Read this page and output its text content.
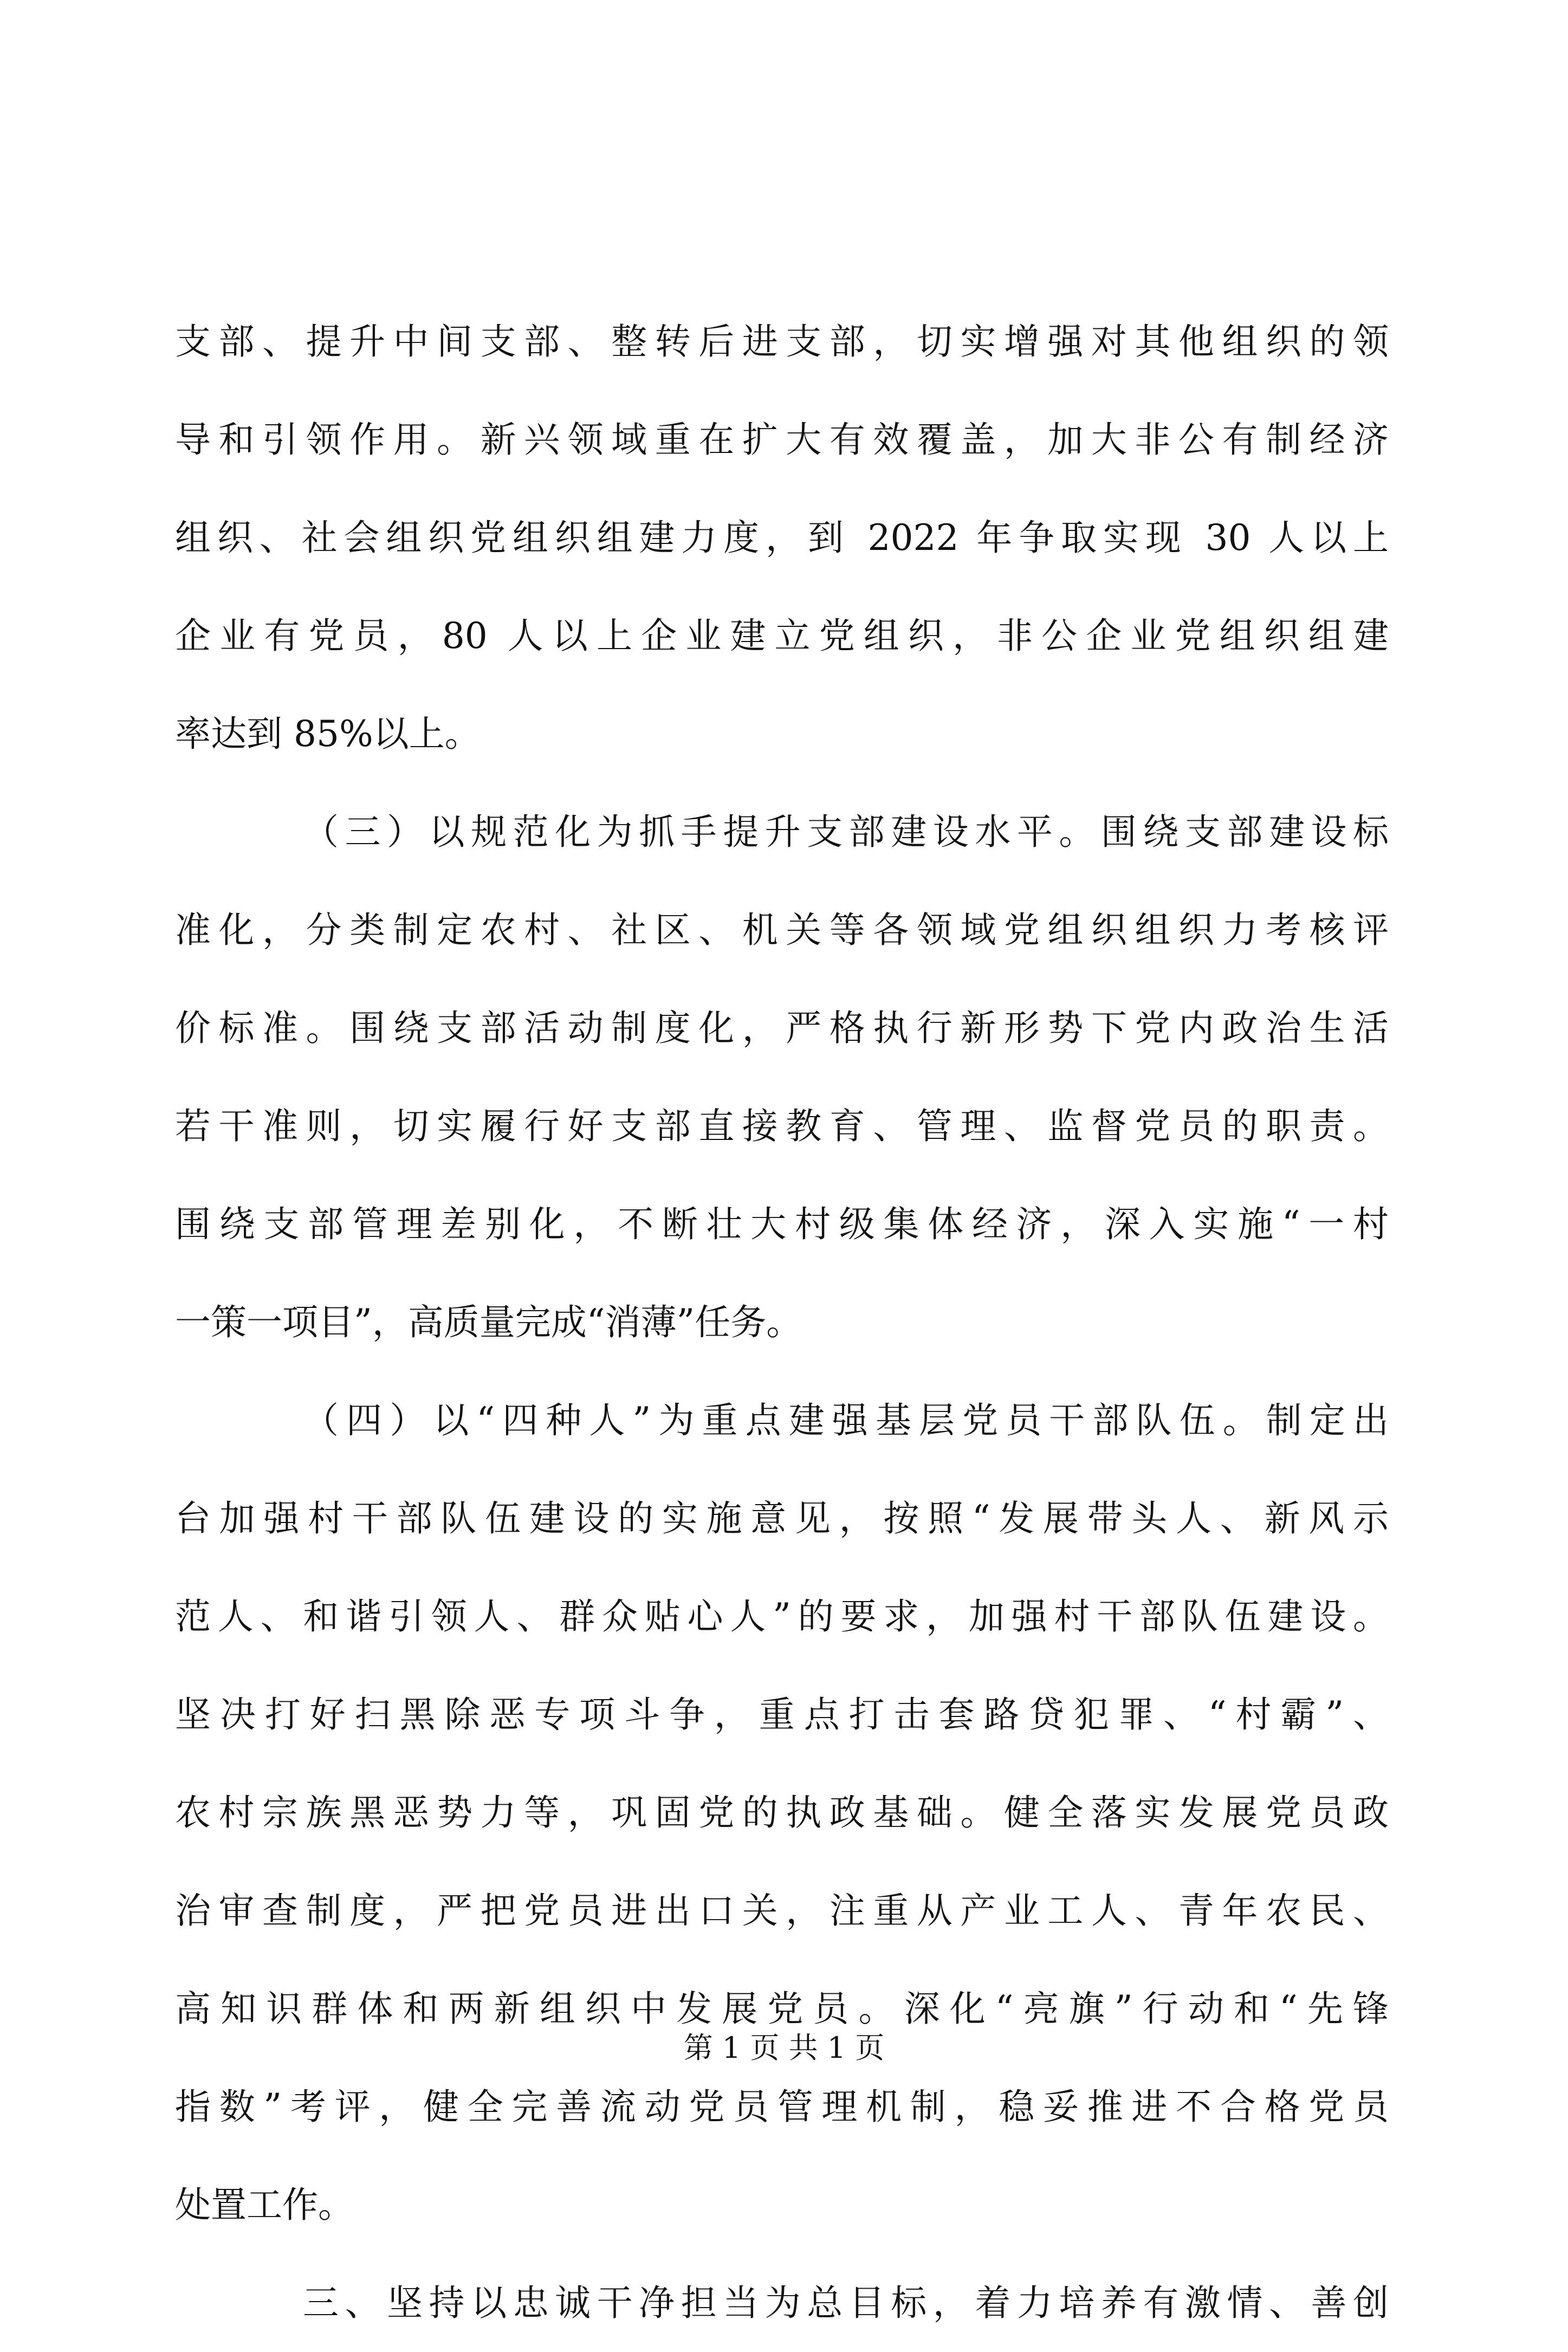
支部、提升中间支部、整转后进支部，切实增强对其他组织的领
导和引领作用。新兴领域重在扩大有效覆盖，加大非公有制经济
组织、社会组织党组织组建力度，到 2022 年争取实现 30 人以上
企业有党员，80 人以上企业建立党组织，非公企业党组织组建
率达到 85%以上。
（三）以规范化为抓手提升支部建设水平。围绕支部建设标
准化，分类制定农村、社区、机关等各领域党组织组织力考核评
价标准。围绕支部活动制度化，严格执行新形势下党内政治生活
若干准则，切实履行好支部直接教育、管理、监督党员的职责。
围绕支部管理差别化，不断壮大村级集体经济，深入实施“一村
一策一项目”，高质量完成“消薄”任务。
（四）以“四种人”为重点建强基层党员干部队伍。制定出
台加强村干部队伍建设的实施意见，按照“发展带头人、新风示
范人、和谐引领人、群众贴心人”的要求，加强村干部队伍建设。
坚决打好扫黑除恶专项斗争，重点打击套路贷犯罪、“村霸”、
农村宗族黑恶势力等，巩固党的执政基础。健全落实发展党员政
治审查制度，严把党员进出口关，注重从产业工人、青年农民、
高知识群体和两新组织中发展党员。深化“亮旗”行动和“先锋
指数”考评，健全完善流动党员管理机制，稳妥推进不合格党员
处置工作。
三、坚持以忠诚干净担当为总目标，着力培养有激情、善创
第 1 页 共 1 页
